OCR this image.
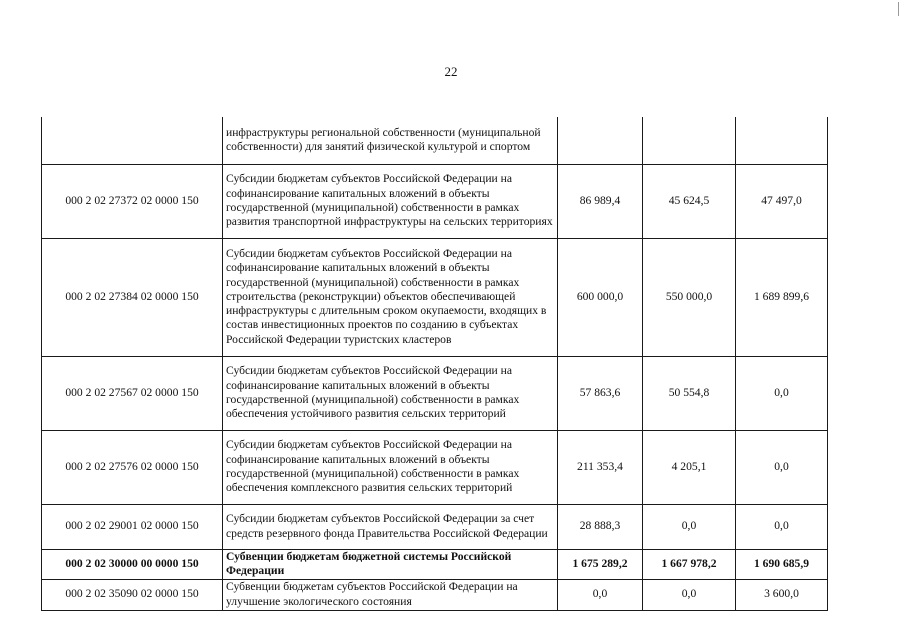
22
	инфраструктуры региональной собственности (муниципальной собственности) для занятий физической культурой и спортом			
000 2 02 27372 02 0000 150	Субсидии бюджетам субъектов Российской Федерации на софинансирование капитальных вложений в объекты государственной (муниципальной) собственности в рамках развития транспортной инфраструктуры на сельских территориях	86 989,4	45 624,5	47 497,0
000 2 02 27384 02 0000 150	Субсидии бюджетам субъектов Российской Федерации на софинансирование капитальных вложений в объекты государственной (муниципальной) собственности в рамках строительства (реконструкции) объектов обеспечивающей инфраструктуры с длительным сроком окупаемости, входящих в состав инвестиционных проектов по созданию в субъектах Российской Федерации туристских кластеров	600 000,0	550 000,0	1 689 899,6
000 2 02 27567 02 0000 150	Субсидии бюджетам субъектов Российской Федерации на софинансирование капитальных вложений в объекты государственной (муниципальной) собственности в рамках обеспечения устойчивого развития сельских территорий	57 863,6	50 554,8	0,0
000 2 02 27576 02 0000 150	Субсидии бюджетам субъектов Российской Федерации на софинансирование капитальных вложений в объекты государственной (муниципальной) собственности в рамках обеспечения комплексного развития сельских территорий	211 353,4	4 205,1	0,0
000 2 02 29001 02 0000 150	Субсидии бюджетам субъектов Российской Федерации за счет средств резервного фонда Правительства Российской Федерации	28 888,3	0,0	0,0
000 2 02 30000 00 0000 150	Субвенции бюджетам бюджетной системы Российской Федерации	1 675 289,2	1 667 978,2	1 690 685,9
000 2 02 35090 02 0000 150	Субвенции бюджетам субъектов Российской Федерации на улучшение экологического состояния	0,0	0,0	3 600,0
